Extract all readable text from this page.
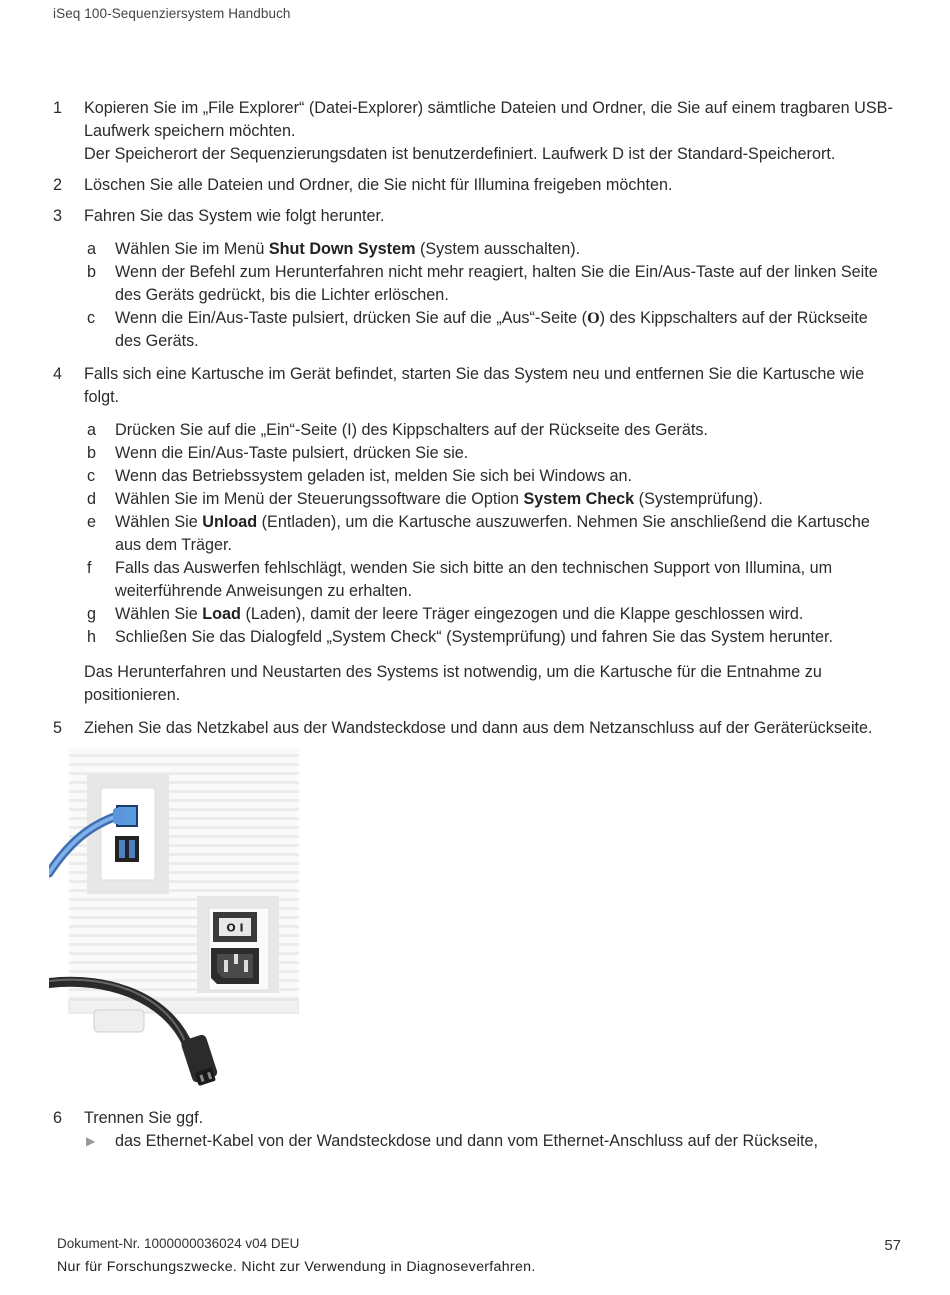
iSeq 100-Sequenziersystem Handbuch
1	Kopieren Sie im „File Explorer“ (Datei-Explorer) sämtliche Dateien und Ordner, die Sie auf einem tragbaren USB-Laufwerk speichern möchten.

Der Speicherort der Sequenzierungsdaten ist benutzerdefiniert. Laufwerk D ist der Standard-Speicherort.

2	Löschen Sie alle Dateien und Ordner, die Sie nicht für Illumina freigeben möchten.

3	Fahren Sie das System wie folgt herunter.

a Wählen Sie im Menü Shut Down System (System ausschalten).
b Wenn der Befehl zum Herunterfahren nicht mehr reagiert, halten Sie die Ein/Aus-Taste auf der linken Seite des Geräts gedrückt, bis die Lichter erlöschen.
c Wenn die Ein/Aus-Taste pulsiert, drücken Sie auf die „Aus“-Seite (O) des Kippschalters auf der Rückseite des Geräts.
4	Falls sich eine Kartusche im Gerät befindet, starten Sie das System neu und entfernen Sie die Kartusche wie folgt.

a Drücken Sie auf die „Ein“-Seite (I) des Kippschalters auf der Rückseite des Geräts.
b Wenn die Ein/Aus-Taste pulsiert, drücken Sie sie.
c Wenn das Betriebssystem geladen ist, melden Sie sich bei Windows an.
d Wählen Sie im Menü der Steuerungssoftware die Option System Check (Systemprüfung).
e Wählen Sie Unload (Entladen), um die Kartusche auszuwerfen. Nehmen Sie anschließend die Kartusche aus dem Träger.
f Falls das Auswerfen fehlschlägt, wenden Sie sich bitte an den technischen Support von Illumina, um weiterführende Anweisungen zu erhalten.
g Wählen Sie Load (Laden), damit der leere Träger eingezogen und die Klappe geschlossen wird.
h Schließen Sie das Dialogfeld „System Check“ (Systemprüfung) und fahren Sie das System herunter.

Das Herunterfahren und Neustarten des Systems ist notwendig, um die Kartusche für die Entnahme zu positionieren.

5	Ziehen Sie das Netzkabel aus der Wandsteckdose und dann aus dem Netzanschluss auf der Geräterückseite.

O I
6	Trennen Sie ggf.

▶ das Ethernet-Kabel von der Wandsteckdose und dann vom Ethernet-Anschluss auf der Rückseite,
Dokument-Nr. 1000000036024 v04 DEU	57
Nur für Forschungszwecke. Nicht zur Verwendung in Diagnoseverfahren.
